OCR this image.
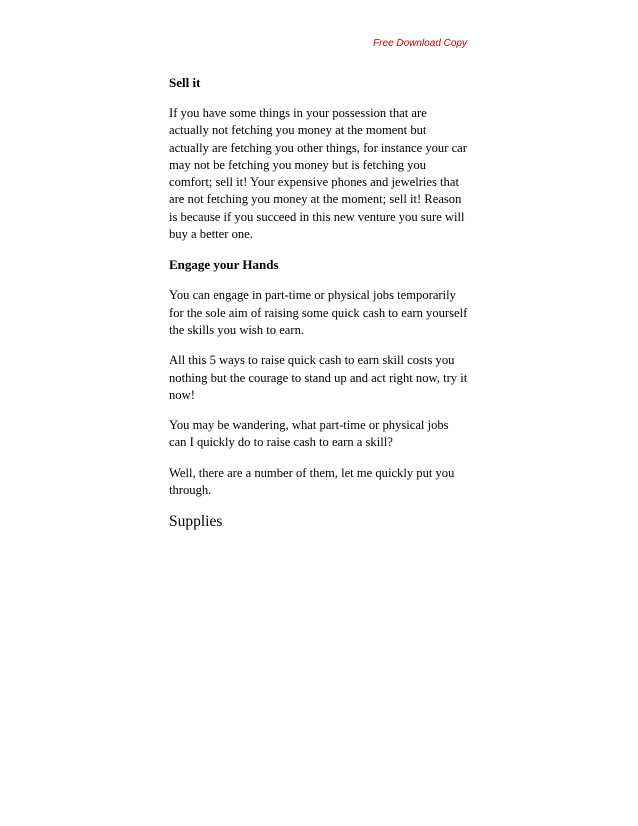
Free Download Copy
Sell it

If you have some things in your possession that are actually not fetching you money at the moment but actually are fetching you other things, for instance your car may not be fetching you money but is fetching you comfort; sell it! Your expensive phones and jewelries that are not fetching you money at the moment; sell it! Reason is because if you succeed in this new venture you sure will buy a better one.

Engage your Hands

You can engage in part-time or physical jobs temporarily for the sole aim of raising some quick cash to earn yourself the skills you wish to earn.

All this 5 ways to raise quick cash to earn skill costs you nothing but the courage to stand up and act right now, try it now!

You may be wandering, what part-time or physical jobs can I quickly do to raise cash to earn a skill?

Well, there are a number of them, let me quickly put you through.

Supplies
